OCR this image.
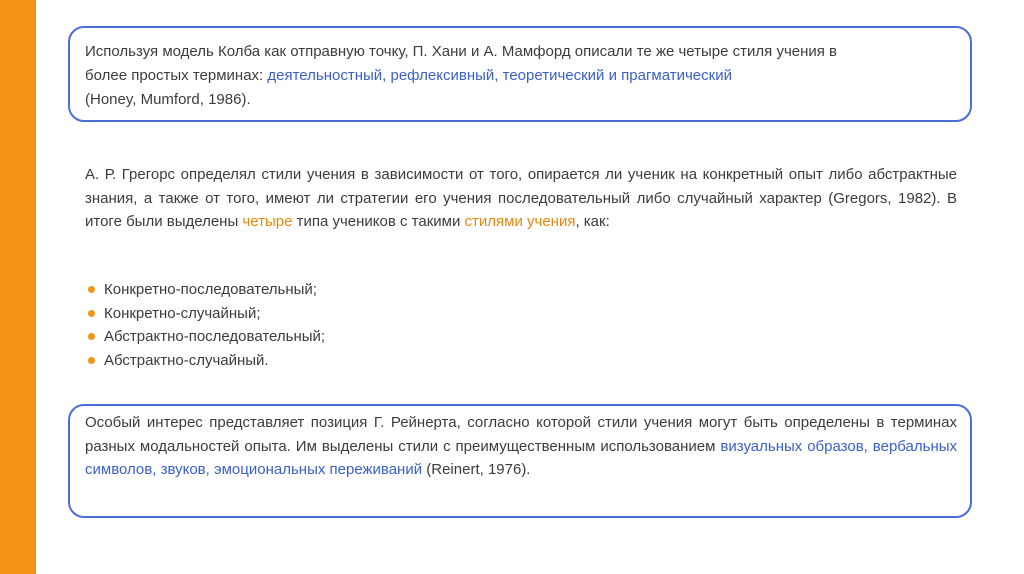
Используя модель Колба как отправную точку, П. Хани и А. Мамфорд описали те же четыре стиля учения в
более простых терминах: деятельностный, рефлексивный, теоретический и прагматический
(Honey, Mumford, 1986).
А. Р. Грегорс определял стили учения в зависимости от того, опирается ли ученик на конкретный опыт либо абстрактные знания, а также от того, имеют ли стратегии его учения последовательный либо случайный характер (Gregors, 1982). В итоге были выделены четыре типа учеников с такими стилями учения, как:
Конкретно-последовательный;
Конкретно-случайный;
Абстрактно-последовательный;
Абстрактно-случайный.
Особый интерес представляет позиция Г. Рейнерта, согласно которой стили учения могут быть определены в терминах разных модальностей опыта. Им выделены стили с преимущественным использованием визуальных образов, вербальных символов, звуков, эмоциональных переживаний (Reinert, 1976).
